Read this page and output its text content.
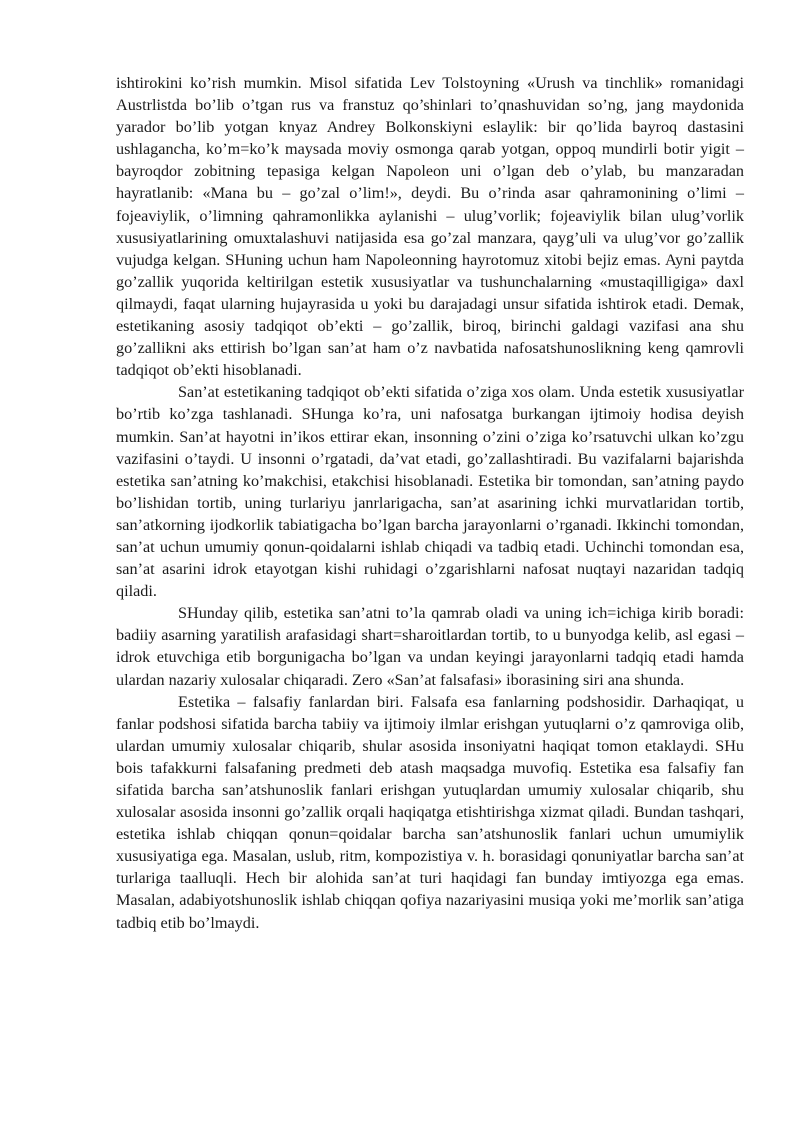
ishtirokini ko’rish mumkin. Misol sifatida Lev Tolstoyning «Urush va tinchlik» romanidagi Austrlistda bo’lib o’tgan rus va franstuz qo’shinlari to’qnashuvidan so’ng, jang maydonida yarador bo’lib yotgan knyaz Andrey Bolkonskiyni eslaylik: bir qo’lida bayroq dastasini ushlagancha, ko’m=ko’k maysada moviy osmonga qarab yotgan, oppoq mundirli botir yigit – bayroqdor zobitning tepasiga kelgan Napoleon uni o’lgan deb o’ylab, bu manzaradan hayratlanib: «Mana bu – go’zal o’lim!», deydi. Bu o’rinda asar qahramonining o’limi – fojeaviylik, o’limning qahramonlikka aylanishi – ulug’vorlik; fojeaviylik bilan ulug’vorlik xususiyatlarining omuxtalashuvi natijasida esa go’zal manzara, qayg’uli va ulug’vor go’zallik vujudga kelgan. SHuning uchun ham Napoleonning hayrotomuz xitobi bejiz emas. Ayni paytda go’zallik yuqorida keltirilgan estetik xususiyatlar va tushunchalarning «mustaqilligiga» daxl qilmaydi, faqat ularning hujayrasida u yoki bu darajadagi unsur sifatida ishtirok etadi. Demak, estetikaning asosiy tadqiqot ob’ekti – go’zallik, biroq, birinchi galdagi vazifasi ana shu go’zallikni aks ettirish bo’lgan san’at ham o’z navbatida nafosatshunoslikning keng qamrovli tadqiqot ob’ekti hisoblanadi.

San’at estetikaning tadqiqot ob’ekti sifatida o’ziga xos olam. Unda estetik xususiyatlar bo’rtib ko’zga tashlanadi. SHunga ko’ra, uni nafosatga burkangan ijtimoiy hodisa deyish mumkin. San’at hayotni in’ikos ettirar ekan, insonning o’zini o’ziga ko’rsatuvchi ulkan ko’zgu vazifasini o’taydi. U insonni o’rgatadi, da’vat etadi, go’zallashtiradi. Bu vazifalarni bajarishda estetika san’atning ko’makchisi, etakchisi hisoblanadi. Estetika bir tomondan, san’atning paydo bo’lishidan tortib, uning turlariyu janrlarigacha, san’at asarining ichki murvatlaridan tortib, san’atkorning ijodkorlik tabiatigacha bo’lgan barcha jarayonlarni o’rganadi. Ikkinchi tomondan, san’at uchun umumiy qonun-qoidalarni ishlab chiqadi va tadbiq etadi. Uchinchi tomondan esa, san’at asarini idrok etayotgan kishi ruhidagi o’zgarishlarni nafosat nuqtayi nazaridan tadqiq qiladi.

SHunday qilib, estetika san’atni to’la qamrab oladi va uning ich=ichiga kirib boradi: badiiy asarning yaratilish arafasidagi shart=sharoitlardan tortib, to u bunyodga kelib, asl egasi – idrok etuvchiga etib borgunigacha bo’lgan va undan keyingi jarayonlarni tadqiq etadi hamda ulardan nazariy xulosalar chiqaradi. Zero «San’at falsafasi» iborasining siri ana shunda.

Estetika – falsafiy fanlardan biri. Falsafa esa fanlarning podshosidir. Darhaqiqat, u fanlar podshosi sifatida barcha tabiiy va ijtimoiy ilmlar erishgan yutuqlarni o’z qamroviga olib, ulardan umumiy xulosalar chiqarib, shular asosida insoniyatni haqiqat tomon etaklaydi. SHu bois tafakkurni falsafaning predmeti deb atash maqsadga muvofiq. Estetika esa falsafiy fan sifatida barcha san’atshunoslik fanlari erishgan yutuqlardan umumiy xulosalar chiqarib, shu xulosalar asosida insonni go’zallik orqali haqiqatga etishtirishga xizmat qiladi. Bundan tashqari, estetika ishlab chiqqan qonun=qoidalar barcha san’atshunoslik fanlari uchun umumiylik xususiyatiga ega. Masalan, uslub, ritm, kompozistiya v. h. borasidagi qonuniyatlar barcha san’at turlariga taalluqli. Hech bir alohida san’at turi haqidagi fan bunday imtiyozga ega emas. Masalan, adabiyotshunoslik ishlab chiqqan qofiya nazariyasini musiqa yoki me’morlik san’atiga tadbiq etib bo’lmaydi.
